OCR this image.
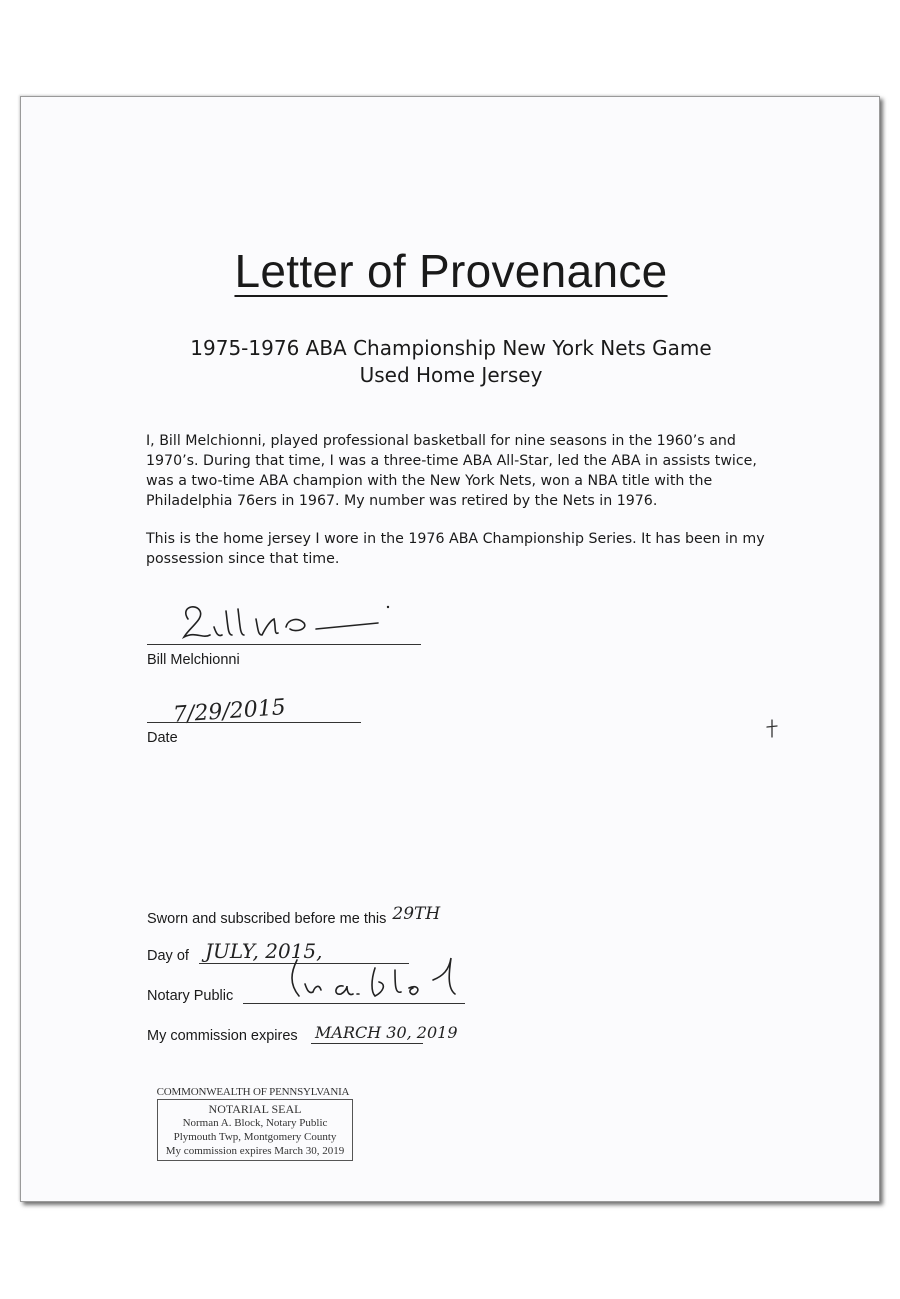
Letter of Provenance
1975-1976 ABA Championship New York Nets Game
Used Home Jersey

I, Bill Melchionni, played professional basketball for nine seasons in the 1960’s and 1970’s. During that time, I was a three-time ABA All-Star, led the ABA in assists twice, was a two-time ABA champion with the New York Nets, won a NBA title with the Philadelphia 76ers in 1967. My number was retired by the Nets in 1976.

This is the home jersey I wore in the 1976 ABA Championship Series. It has been in my possession since that time.

Bill Melchionni
7/29/2015
Date
Sworn and subscribed before me this 29TH
Day of JULY, 2015,
Notary Public
My commission expires MARCH 30, 2019
COMMONWEALTH OF PENNSYLVANIA
NOTARIAL SEAL
Norman A. Block, Notary Public
Plymouth Twp, Montgomery County
My commission expires March 30, 2019
